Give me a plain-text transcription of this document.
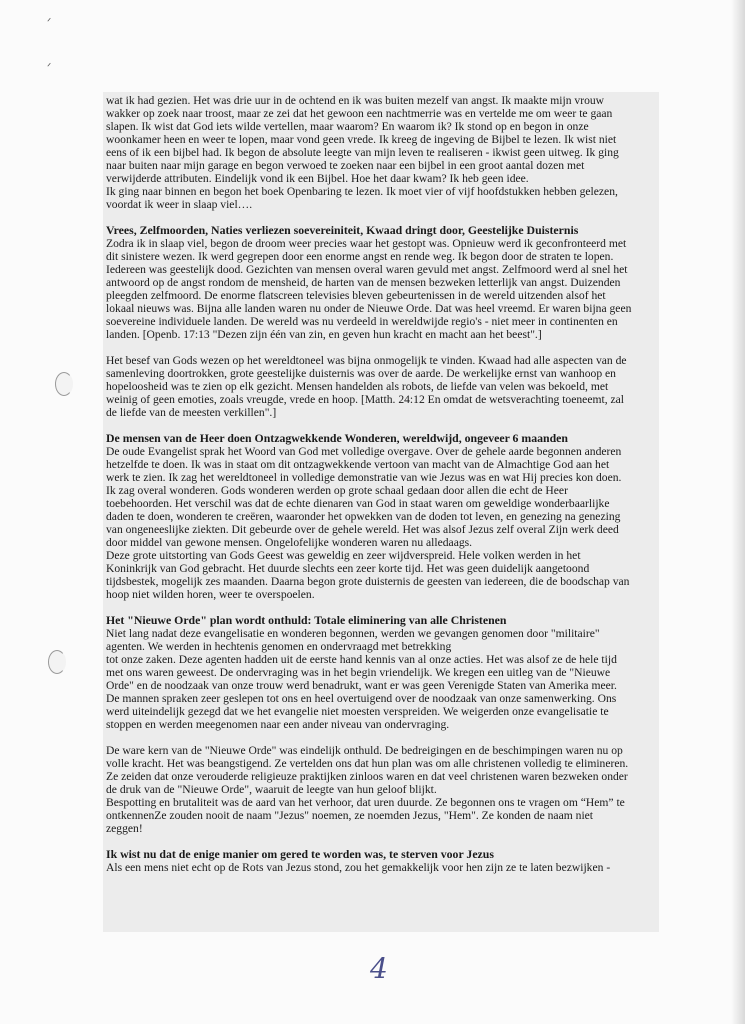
ᐟ
ᐟ
wat ik had gezien. Het was drie uur in de ochtend en ik was buiten mezelf van angst. Ik maakte mijn vrouw
wakker op zoek naar troost, maar ze zei dat het gewoon een nachtmerrie was en vertelde me om weer te gaan
slapen. Ik wist dat God iets wilde vertellen, maar waarom? En waarom ik? Ik stond op en begon in onze
woonkamer heen en weer te lopen, maar vond geen vrede. Ik kreeg de ingeving de Bijbel te lezen. Ik wist niet
eens of ik een bijbel had. Ik begon de absolute leegte van mijn leven te realiseren - ikwist geen uitweg. Ik ging
naar buiten naar mijn garage en begon verwoed te zoeken naar een bijbel in een groot aantal dozen met
verwijderde attributen. Eindelijk vond ik een Bijbel. Hoe het daar kwam? Ik heb geen idee.
Ik ging naar binnen en begon het boek Openbaring te lezen. Ik moet vier of vijf hoofdstukken hebben gelezen,
voordat ik weer in slaap viel….
Vrees, Zelfmoorden, Naties verliezen soevereiniteit, Kwaad dringt door, Geestelijke Duisternis
Zodra ik in slaap viel, begon de droom weer precies waar het gestopt was. Opnieuw werd ik geconfronteerd met
dit sinistere wezen. Ik werd gegrepen door een enorme angst en rende weg. Ik begon door de straten te lopen.
Iedereen was geestelijk dood. Gezichten van mensen overal waren gevuld met angst. Zelfmoord werd al snel het
antwoord op de angst rondom de mensheid, de harten van de mensen bezweken letterlijk van angst. Duizenden
pleegden zelfmoord. De enorme flatscreen televisies bleven gebeurtenissen in de wereld uitzenden alsof het
lokaal nieuws was. Bijna alle landen waren nu onder de Nieuwe Orde. Dat was heel vreemd. Er waren bijna geen
soevereine individuele landen. De wereld was nu verdeeld in wereldwijde regio's - niet meer in continenten en
landen. [Openb. 17:13 "Dezen zijn één van zin, en geven hun kracht en macht aan het beest".]
Het besef van Gods wezen op het wereldtoneel was bijna onmogelijk te vinden. Kwaad had alle aspecten van de
samenleving doortrokken, grote geestelijke duisternis was over de aarde. De werkelijke ernst van wanhoop en
hopeloosheid was te zien op elk gezicht. Mensen handelden als robots, de liefde van velen was bekoeld, met
weinig of geen emoties, zoals vreugde, vrede en hoop. [Matth. 24:12 En omdat de wetsverachting toeneemt, zal
de liefde van de meesten verkillen".]
De mensen van de Heer doen Ontzagwekkende Wonderen, wereldwijd, ongeveer 6 maanden
De oude Evangelist sprak het Woord van God met volledige overgave. Over de gehele aarde begonnen anderen
hetzelfde te doen. Ik was in staat om dit ontzagwekkende vertoon van macht van de Almachtige God aan het
werk te zien. Ik zag het wereldtoneel in volledige demonstratie van wie Jezus was en wat Hij precies kon doen.
Ik zag overal wonderen. Gods wonderen werden op grote schaal gedaan door allen die echt de Heer
toebehoorden. Het verschil was dat de echte dienaren van God in staat waren om geweldige wonderbaarlijke
daden te doen, wonderen te creëren, waaronder het opwekken van de doden tot leven, en genezing na genezing
van ongeneeslijke ziekten. Dit gebeurde over de gehele wereld. Het was alsof Jezus zelf overal Zijn werk deed
door middel van gewone mensen. Ongelofelijke wonderen waren nu alledaags.
Deze grote uitstorting van Gods Geest was geweldig en zeer wijdverspreid. Hele volken werden in het
Koninkrijk van God gebracht. Het duurde slechts een zeer korte tijd. Het was geen duidelijk aangetoond
tijdsbestek, mogelijk zes maanden. Daarna begon grote duisternis de geesten van iedereen, die de boodschap van
hoop niet wilden horen, weer te overspoelen.
Het "Nieuwe Orde" plan wordt onthuld: Totale eliminering van alle Christenen
Niet lang nadat deze evangelisatie en wonderen begonnen, werden we gevangen genomen door "militaire"
agenten. We werden in hechtenis genomen en ondervraagd met betrekking
tot onze zaken. Deze agenten hadden uit de eerste hand kennis van al onze acties. Het was alsof ze de hele tijd
met ons waren geweest. De ondervraging was in het begin vriendelijk. We kregen een uitleg van de "Nieuwe
Orde" en de noodzaak van onze trouw werd benadrukt, want er was geen Verenigde Staten van Amerika meer.
De mannen spraken zeer geslepen tot ons en heel overtuigend over de noodzaak van onze samenwerking. Ons
werd uiteindelijk gezegd dat we het evangelie niet moesten verspreiden. We weigerden onze evangelisatie te
stoppen en werden meegenomen naar een ander niveau van ondervraging.
De ware kern van de "Nieuwe Orde" was eindelijk onthuld. De bedreigingen en de beschimpingen waren nu op
volle kracht. Het was beangstigend. Ze vertelden ons dat hun plan was om alle christenen volledig te elimineren.
Ze zeiden dat onze verouderde religieuze praktijken zinloos waren en dat veel christenen waren bezweken onder
de druk van de "Nieuwe Orde", waaruit de leegte van hun geloof blijkt.
Bespotting en brutaliteit was de aard van het verhoor, dat uren duurde. Ze begonnen ons te vragen om “Hem” te
ontkennenZe zouden nooit de naam "Jezus" noemen, ze noemden Jezus, "Hem". Ze konden de naam niet
zeggen!
Ik wist nu dat de enige manier om gered te worden was, te sterven voor Jezus
Als een mens niet echt op de Rots van Jezus stond, zou het gemakkelijk voor hen zijn ze te laten bezwijken -
4
